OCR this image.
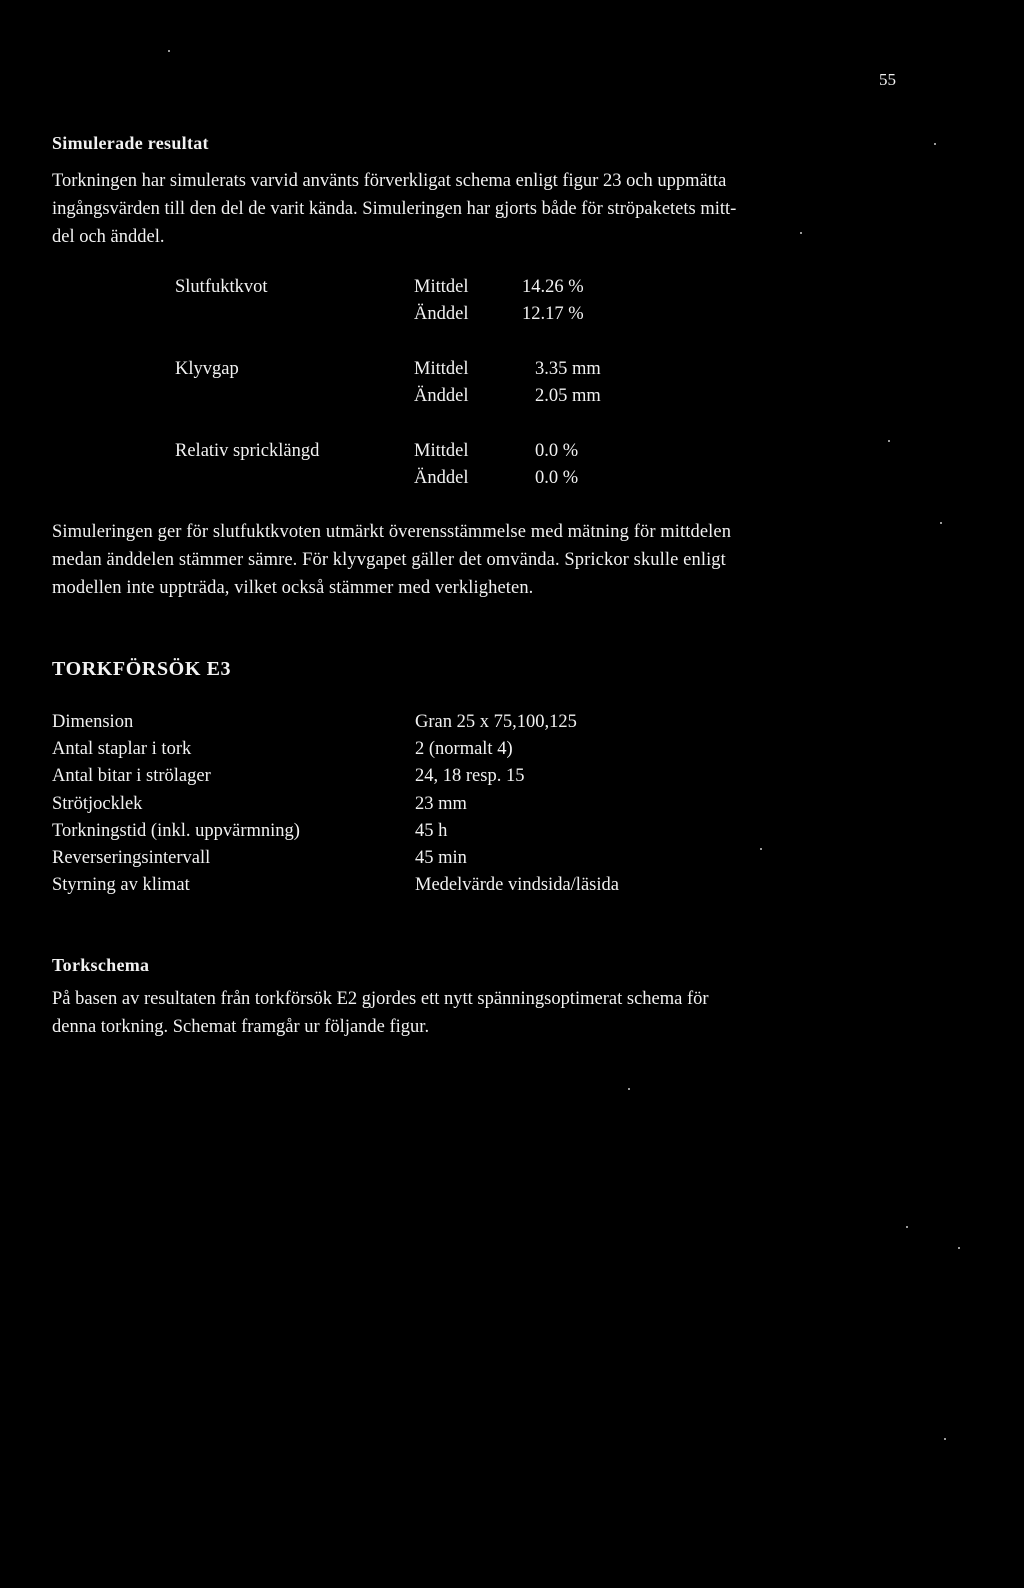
55
Simulerade resultat
Torkningen har simulerats varvid använts förverkligat schema enligt figur 23 och uppmätta
ingångsvärden till den del de varit kända. Simuleringen har gjorts både för ströpaketets mitt-
del och änddel.
Slutfuktkvot	Mittdel	14.26 %
Änddel	12.17 %
Klyvgap	Mittdel	3.35 mm
Änddel	2.05 mm
Relativ spricklängd	Mittdel	0.0 %
Änddel	0.0 %
Simuleringen ger för slutfuktkvoten utmärkt överensstämmelse med mätning för mittdelen
medan änddelen stämmer sämre. För klyvgapet gäller det omvända. Sprickor skulle enligt
modellen inte uppträda, vilket också stämmer med verkligheten.
TORKFÖRSÖK E3
Dimension	Gran 25 x 75,100,125
Antal staplar i tork	2 (normalt 4)
Antal bitar i strölager	24, 18 resp. 15
Strötjocklek	23 mm
Torkningstid (inkl. uppvärmning)	45 h
Reverseringsintervall	45 min
Styrning av klimat	Medelvärde vindsida/läsida
Torkschema
På basen av resultaten från torkförsök E2 gjordes ett nytt spänningsoptimerat schema för
denna torkning. Schemat framgår ur följande figur.
